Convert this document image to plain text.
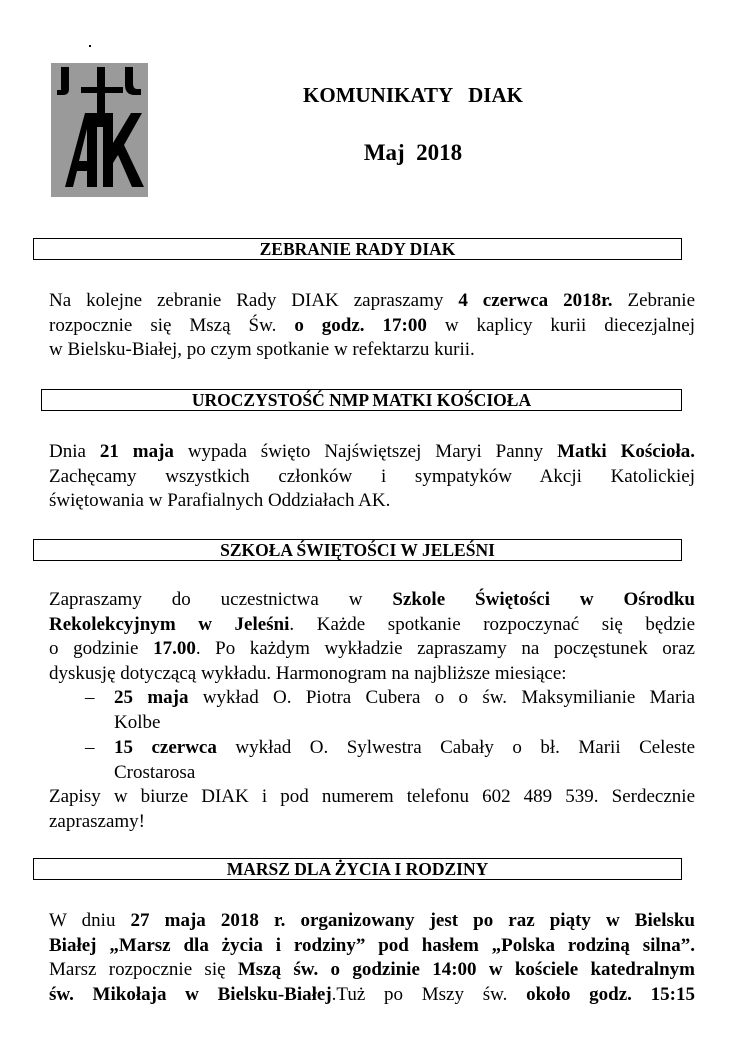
KOMUNIKATY   DIAK
Maj  2018
ZEBRANIE RADY DIAK
Na kolejne zebranie Rady DIAK zapraszamy 4 czerwca 2018r. Zebranie
rozpocznie się Mszą Św. o godz. 17:00 w kaplicy kurii diecezjalnej
w Bielsku-Białej, po czym spotkanie w refektarzu kurii.
UROCZYSTOŚĆ NMP MATKI KOŚCIOŁA
Dnia 21 maja wypada święto Najświętszej Maryi Panny Matki Kościoła.
Zachęcamy wszystkich członków i sympatyków Akcji Katolickiej
świętowania w Parafialnych Oddziałach AK.
SZKOŁA ŚWIĘTOŚCI W JELEŚNI
Zapraszamy do uczestnictwa w Szkole Świętości w Ośrodku
Rekolekcyjnym w Jeleśni. Każde spotkanie rozpoczynać się będzie
o godzinie 17.00. Po każdym wykładzie zapraszamy na poczęstunek oraz
dyskusję dotyczącą wykładu. Harmonogram na najbliższe miesiące:
– 25 maja wykład O. Piotra Cubera o o św. Maksymilianie Maria
Kolbe
– 15 czerwca wykład O. Sylwestra Cabały o bł. Marii Celeste
Crostarosa
Zapisy w biurze DIAK i pod numerem telefonu 602 489 539. Serdecznie
zapraszamy!
MARSZ DLA ŻYCIA I RODZINY
W dniu 27 maja 2018 r. organizowany jest po raz piąty w Bielsku
Białej „Marsz dla życia i rodziny” pod hasłem „Polska rodziną silna”.
Marsz rozpocznie się Mszą św. o godzinie 14:00 w kościele katedralnym
św. Mikołaja w Bielsku-Białej.Tuż po Mszy św. około godz. 15:15
